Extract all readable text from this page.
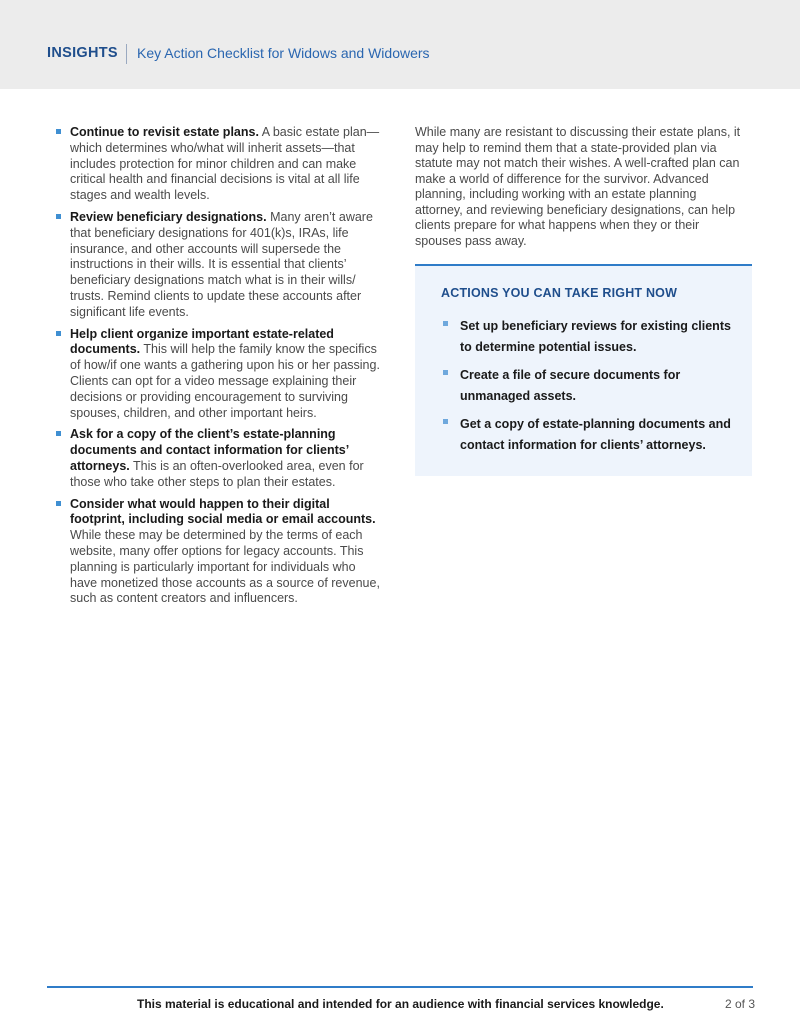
INSIGHTS Key Action Checklist for Widows and Widowers
Continue to revisit estate plans. A basic estate plan—which determines who/what will inherit assets—that includes protection for minor children and can make critical health and financial decisions is vital at all life stages and wealth levels.
Review beneficiary designations. Many aren’t aware that beneficiary designations for 401(k)s, IRAs, life insurance, and other accounts will supersede the instructions in their wills. It is essential that clients’ beneficiary designations match what is in their wills/ trusts. Remind clients to update these accounts after significant life events.
Help client organize important estate-related documents. This will help the family know the specifics of how/if one wants a gathering upon his or her passing. Clients can opt for a video message explaining their decisions or providing encouragement to surviving spouses, children, and other important heirs.
Ask for a copy of the client’s estate-planning documents and contact information for clients’ attorneys. This is an often-overlooked area, even for those who take other steps to plan their estates.
Consider what would happen to their digital footprint, including social media or email accounts. While these may be determined by the terms of each website, many offer options for legacy accounts. This planning is particularly important for individuals who have monetized those accounts as a source of revenue, such as content creators and influencers.

While many are resistant to discussing their estate plans, it may help to remind them that a state-provided plan via statute may not match their wishes. A well-crafted plan can make a world of difference for the survivor. Advanced planning, including working with an estate planning attorney, and reviewing beneficiary designations, can help clients prepare for what happens when they or their spouses pass away.

ACTIONS YOU CAN TAKE RIGHT NOW
Set up beneficiary reviews for existing clients to determine potential issues.
Create a file of secure documents for unmanaged assets.
Get a copy of estate-planning documents and contact information for clients’ attorneys.
This material is educational and intended for an audience with financial services knowledge.	2 of 3
